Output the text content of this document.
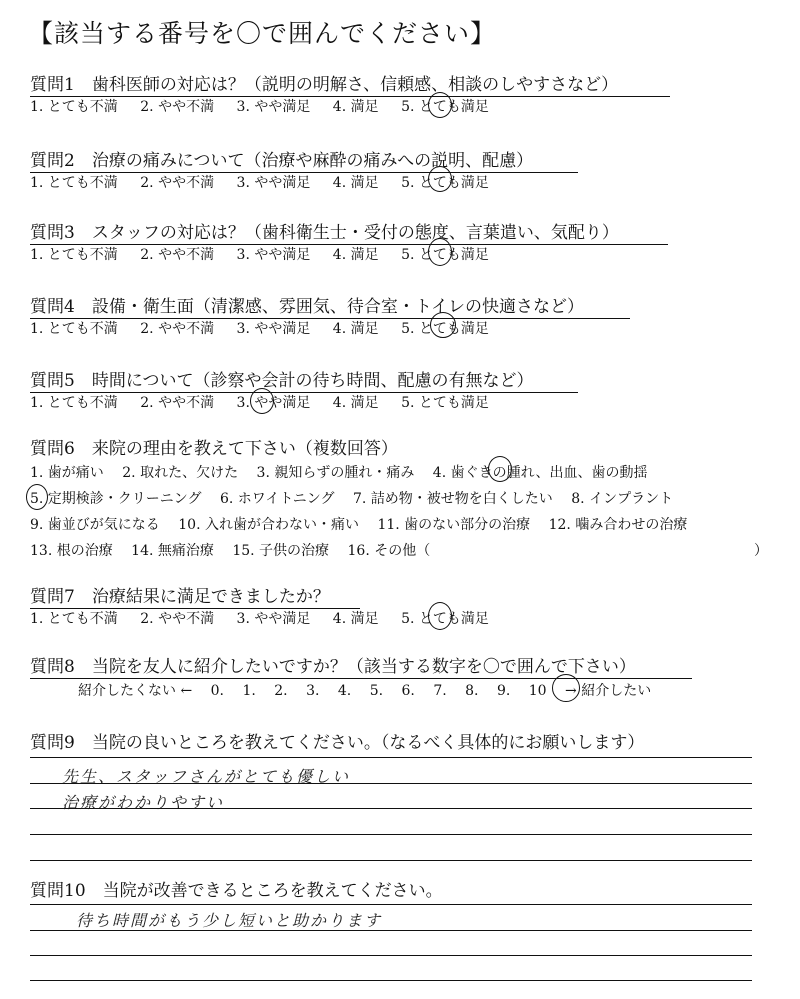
【該当する番号を〇で囲んでください】
質問1　歯科医師の対応は？（説明の明解さ、信頼感、相談のしやすさなど）
1. とても不満 2. やや不満 3. やや満足 4. 満足 5. とても満足
質問2　治療の痛みについて（治療や麻酔の痛みへの説明、配慮）
1. とても不満 2. やや不満 3. やや満足 4. 満足 5. とても満足
質問3　スタッフの対応は？（歯科衛生士・受付の態度、言葉遣い、気配り）
1. とても不満 2. やや不満 3. やや満足 4. 満足 5. とても満足
質問4　設備・衛生面（清潔感、雰囲気、待合室・トイレの快適さなど）
1. とても不満 2. やや不満 3. やや満足 4. 満足 5. とても満足
質問5　時間について（診察や会計の待ち時間、配慮の有無など）
1. とても不満 2. やや不満 3. やや満足 4. 満足 5. とても満足
質問6　来院の理由を教えて下さい（複数回答）
1. 歯が痛い 2. 取れた、欠けた 3. 親知らずの腫れ・痛み 4. 歯ぐきの腫れ、出血、歯の動揺
5. 定期検診・クリーニング 6. ホワイトニング 7. 詰め物・被せ物を白くしたい 8. インプラント
9. 歯並びが気になる 10. 入れ歯が合わない・痛い 11. 歯のない部分の治療 12. 噛み合わせの治療
13. 根の治療 14. 無痛治療 15. 子供の治療 16. その他（	）
質問7　治療結果に満足できましたか？
1. とても不満 2. やや不満 3. やや満足 4. 満足 5. とても満足
質問8　当院を友人に紹介したいですか？（該当する数字を〇で囲んで下さい）
紹介したくない ← 0. 1. 2. 3. 4. 5. 6. 7. 8. 9. 10 → 紹介したい
質問9　当院の良いところを教えてください。（なるべく具体的にお願いします）
先生、スタッフさんがとても優しい
治療がわかりやすい
質問10　当院が改善できるところを教えてください。
待ち時間がもう少し短いと助かります
